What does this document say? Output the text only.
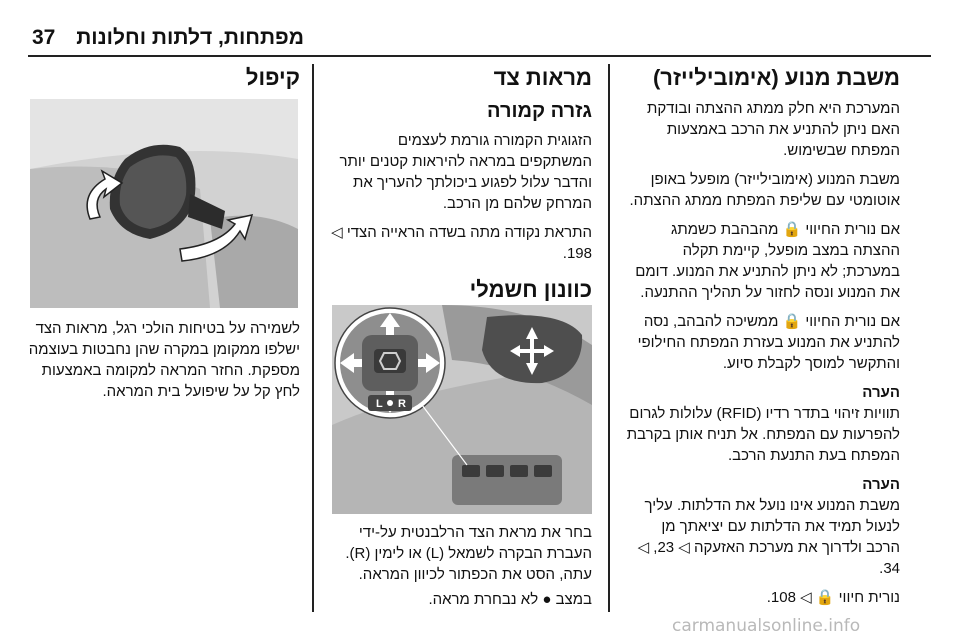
37 מפתחות, דלתות וחלונות
משבת מנוע (אימובילייזר)

המערכת היא חלק ממתג ההצתה ובודקת האם ניתן להתניע את הרכב באמצעות המפתח שבשימוש.

משבת המנוע (אימובילייזר) מופעל באופן אוטומטי עם שליפת המפתח ממתג ההצתה.

אם נורית החיווי 🔒 מהבהבת כשמתג ההצתה במצב מופעל, קיימת תקלה במערכת; לא ניתן להתניע את המנוע. דומם את המנוע ונסה לחזור על תהליך ההתנעה.

אם נורית החיווי 🔒 ממשיכה להבהב, נסה להתניע את המנוע בעזרת המפתח החילופי והתקשר למוסך לקבלת סיוע.

הערה

תוויות זיהוי בתדר רדיו (RFID) עלולות לגרום להפרעות עם המפתח. אל תניח אותן בקרבת המפתח בעת התנעת הרכב.

הערה

משבת המנוע אינו נועל את הדלתות. עליך לנעול תמיד את הדלתות עם יציאתך מן הרכב ולדרוך את מערכת האזעקה ◁ 23, ◁ 34.

נורית חיווי 🔒 ◁ 108.

מראות צד
גזרה קמורה

הזגוגית הקמורה גורמת לעצמים המשתקפים במראה להיראות קטנים יותר והדבר עלול לפגוע ביכולתך להעריך את המרחק שלהם מן הרכב.

התראת נקודה מתה בשדה הראייה הצדי ◁ 198.

כוונון חשמלי
L R

בחר את מראת הצד הרלבנטית על-ידי העברת הבקרה לשמאל (L) או לימין (R).

עתה, הסט את הכפתור לכיוון המראה.

במצב ● לא נבחרת מראה.

קיפול

לשמירה על בטיחות הולכי רגל, מראות הצד ישלפו ממקומן במקרה שהן נחבטות בעוצמה מספקת. החזר המראה למקומה באמצעות לחץ קל על שיפועל בית המראה.

carmanualsonline.info
